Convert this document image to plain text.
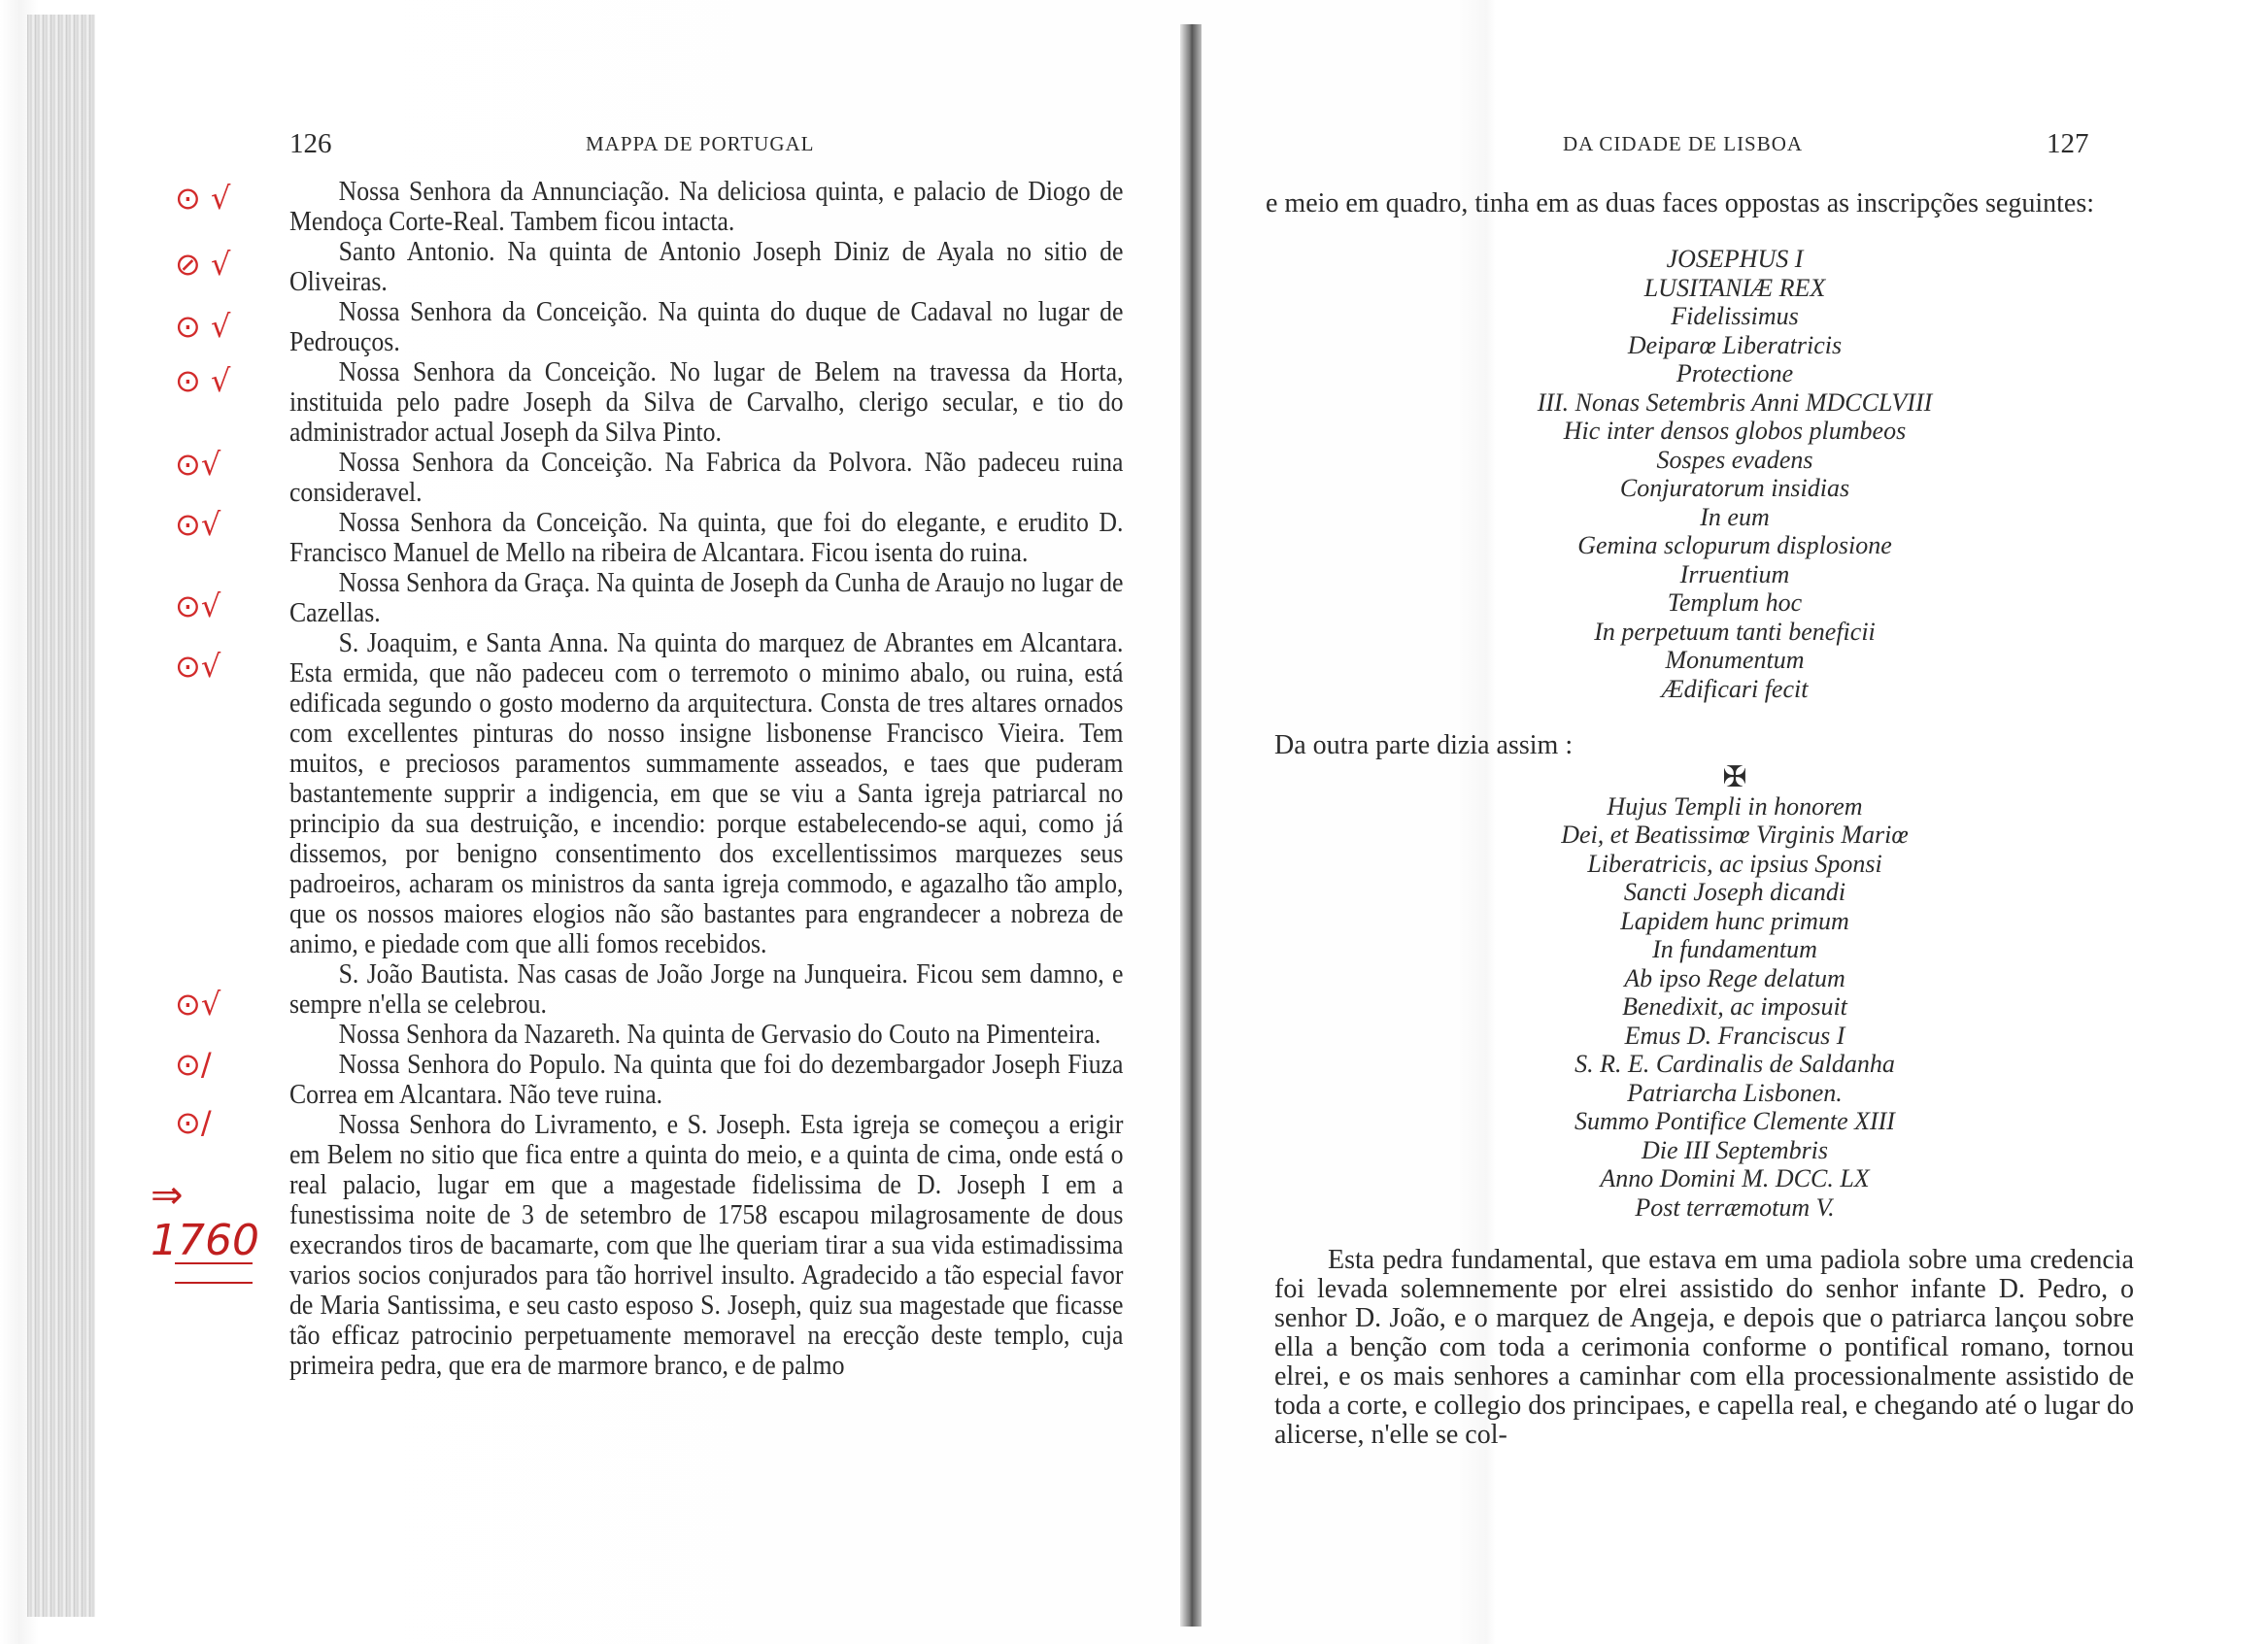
126	MAPPA DE PORTUGAL
⊙ √
⊘ √
⊙ √
⊙ √
⊙√
⊙√
⊙√
⊙√
⊙√
⊙/
⊙/

Nossa Senhora da Annunciação. Na deliciosa quinta, e palacio de Diogo de Mendoça Corte-Real. Tambem ficou intacta.

Santo Antonio. Na quinta de Antonio Joseph Diniz de Ayala no sitio de Oliveiras.

Nossa Senhora da Conceição. Na quinta do duque de Cadaval no lugar de Pedrouços.

Nossa Senhora da Conceição. No lugar de Belem na travessa da Horta, instituida pelo padre Joseph da Silva de Carvalho, clerigo secular, e tio do administrador actual Joseph da Silva Pinto.

Nossa Senhora da Conceição. Na Fabrica da Polvora. Não padeceu ruina consideravel.

Nossa Senhora da Conceição. Na quinta, que foi do elegante, e erudito D. Francisco Manuel de Mello na ribeira de Alcantara. Ficou isenta do ruina.

Nossa Senhora da Graça. Na quinta de Joseph da Cunha de Araujo no lugar de Cazellas.

S. Joaquim, e Santa Anna. Na quinta do marquez de Abrantes em Alcantara. Esta ermida, que não padeceu com o terremoto o minimo abalo, ou ruina, está edificada segundo o gosto moderno da arquitectura. Consta de tres altares ornados com excellentes pinturas do nosso insigne lisbonense Francisco Vieira. Tem muitos, e preciosos paramentos summamente asseados, e taes que puderam bastantemente supprir a indigencia, em que se viu a Santa igreja patriarcal no principio da sua destruição, e incendio: porque estabelecendo-se aqui, como já dissemos, por benigno consentimento dos excellentissimos marquezes seus padroeiros, acharam os ministros da santa igreja commodo, e agazalho tão amplo, que os nossos maiores elogios não são bastantes para engrandecer a nobreza de animo, e piedade com que alli fomos recebidos.

S. João Bautista. Nas casas de João Jorge na Junqueira. Ficou sem damno, e sempre n'ella se celebrou.

Nossa Senhora da Nazareth. Na quinta de Gervasio do Couto na Pimenteira.

Nossa Senhora do Populo. Na quinta que foi do dezembargador Joseph Fiuza Correa em Alcantara. Não teve ruina.

Nossa Senhora do Livramento, e S. Joseph. Esta igreja se começou a erigir em Belem no sitio que fica entre a quinta do meio, e a quinta de cima, onde está o real palacio, lugar em que a magestade fidelissima de D. Joseph I em a funestissima noite de 3 de setembro de 1758 escapou milagrosamente de dous execrandos tiros de bacamarte, com que lhe queriam tirar a sua vida estimadissima varios socios conjurados para tão horrivel insulto. Agradecido a tão especial favor de Maria Santissima, e seu casto esposo S. Joseph, quiz sua magestade que ficasse tão efficaz patrocinio perpetuamente memoravel na erecção deste templo, cuja primeira pedra, que era de marmore branco, e de palmo

⇒
1760
DA CIDADE DE LISBOA	127

e meio em quadro, tinha em as duas faces oppostas as inscripções seguintes:

JOSEPHUS I
LUSITANIÆ REX
Fidelissimus
Deiparœ Liberatricis
Protectione
III. Nonas Setembris Anni MDCCLVIII
Hic inter densos globos plumbeos
Sospes evadens
Conjuratorum insidias
In eum
Gemina sclopurum displosione
Irruentium
Templum hoc
In perpetuum tanti beneficii
Monumentum
Ædificari fecit

Da outra parte dizia assim :

✠
Hujus Templi in honorem
Dei, et Beatissimœ Virginis Mariœ
Liberatricis, ac ipsius Sponsi
Sancti Joseph dicandi
Lapidem hunc primum
In fundamentum
Ab ipso Rege delatum
Benedixit, ac imposuit
Emus D. Franciscus I
S. R. E. Cardinalis de Saldanha
Patriarcha Lisbonen.
Summo Pontifice Clemente XIII
Die III Septembris
Anno Domini M. DCC. LX
Post terræmotum V.

Esta pedra fundamental, que estava em uma padiola sobre uma credencia foi levada solemnemente por elrei assistido do senhor infante D. Pedro, o senhor D. João, e o marquez de Angeja, e depois que o patriarca lançou sobre ella a benção com toda a cerimonia conforme o pontifical romano, tornou elrei, e os mais senhores a caminhar com ella processionalmente assistido de toda a corte, e collegio dos principaes, e capella real, e chegando até o lugar do alicerse, n'elle se col-
